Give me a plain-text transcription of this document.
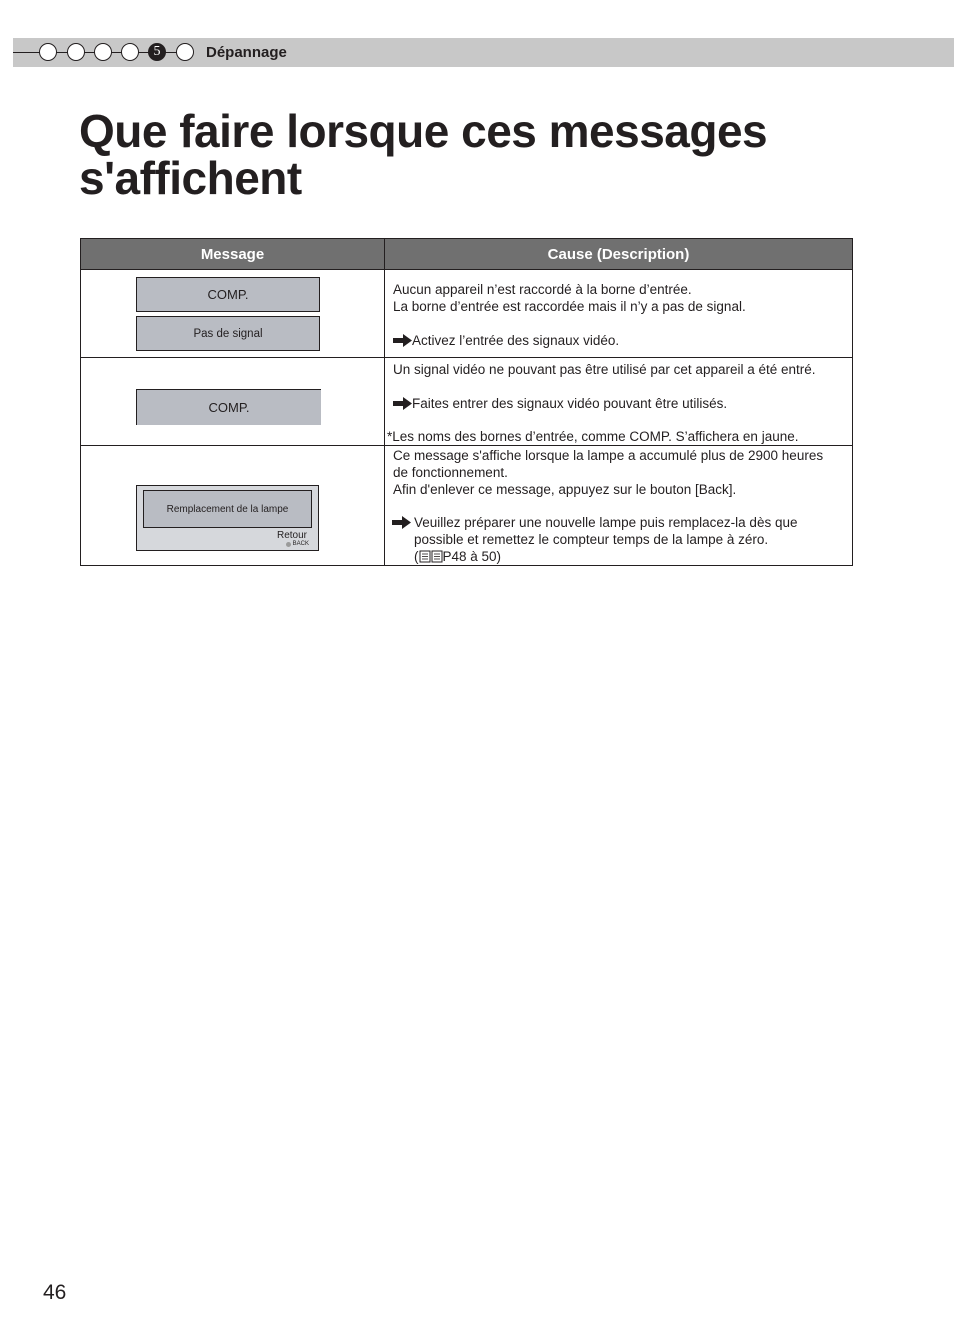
5	Dépannage
Que faire lorsque ces messages s'affichent
Message	Cause (Description)
COMP.
Pas de signal
Aucun appareil n’est raccordé à la borne d’entrée.
La borne d’entrée est raccordée mais il n’y a pas de signal.
Activez l’entrée des signaux vidéo.
COMP.
Un signal vidéo ne pouvant pas être utilisé par cet appareil a été entré.
Faites entrer des signaux vidéo pouvant être utilisés.
*Les noms des bornes d’entrée, comme COMP. S’affichera en jaune.
Remplacement de la lampe
Retour
BACK
Ce message s'affiche lorsque la lampe a accumulé plus de 2900 heures
de fonctionnement.
Afin d'enlever ce message, appuyez sur le bouton [Back].
Veuillez préparer une nouvelle lampe puis remplacez-la dès que
possible et remettez le compteur temps de la lampe à zéro.
( P48 à 50)
46
